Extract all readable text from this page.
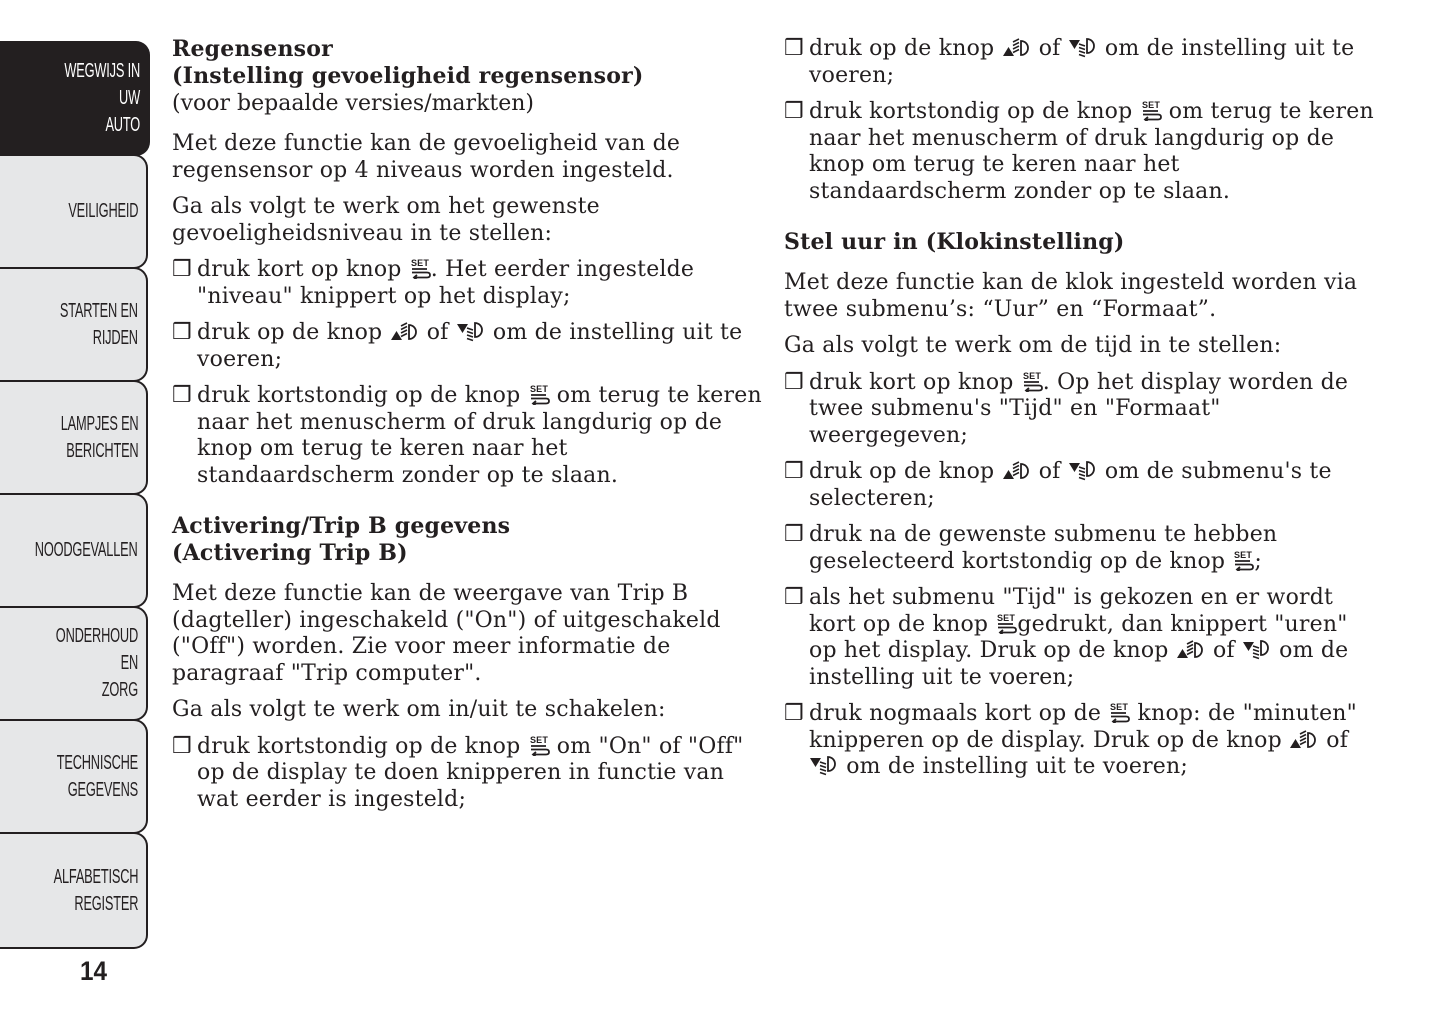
WEGWIJS IN UW
AUTO
VEILIGHEID
STARTEN EN
RIJDEN
LAMPJES EN
BERICHTEN
NOODGEVALLEN
ONDERHOUD EN
ZORG
TECHNISCHE
GEGEVENS
ALFABETISCH
REGISTER
14

Regensensor

(Instelling gevoeligheid regensensor)

(voor bepaalde versies/markten)

Met deze functie kan de gevoeligheid van de regensensor op 4 niveaus worden ingesteld.

Ga als volgt te werk om het gewenste gevoeligheidsniveau in te stellen:

❒ druk kort op knop SET . Het eerder ingestelde "niveau" knippert op het display;
❒ druk op de knop
of
om de instelling uit te voeren;
❒ druk kortstondig op de knop SET om terug te keren naar het menuscherm of druk langdurig op de knop om terug te keren naar het standaardscherm zonder op te slaan.

Activering/Trip B gegevens

(Activering Trip B)

Met deze functie kan de weergave van Trip B (dagteller) ingeschakeld ("On") of uitgeschakeld ("Off") worden. Zie voor meer informatie de paragraaf "Trip computer".

Ga als volgt te werk om in/uit te schakelen:

❒ druk kortstondig op de knop SET om "On" of "Off" op de display te doen knipperen in functie van wat eerder is ingesteld;
❒ druk op de knop
of
om de instelling uit te voeren;
❒ druk kortstondig op de knop SET om terug te keren naar het menuscherm of druk langdurig op de knop om terug te keren naar het standaardscherm zonder op te slaan.

Stel uur in (Klokinstelling)

Met deze functie kan de klok ingesteld worden via twee submenu’s: “Uur” en “Formaat”.

Ga als volgt te werk om de tijd in te stellen:

❒ druk kort op knop SET . Op het display worden de twee submenu's "Tijd" en "Formaat" weergegeven;
❒ druk op de knop
of
om de submenu's te selecteren;
❒ druk na de gewenste submenu te hebben geselecteerd kortstondig op de knop SET ;
❒ als het submenu "Tijd" is gekozen en er wordt kort op de knop SET gedrukt, dan knippert "uren" op het display. Druk op de knop
of
om de instelling uit te voeren;
❒ druk nogmaals kort op de SET knop: de "minuten" knipperen op de display. Druk op de knop
of
om de instelling uit te voeren;
